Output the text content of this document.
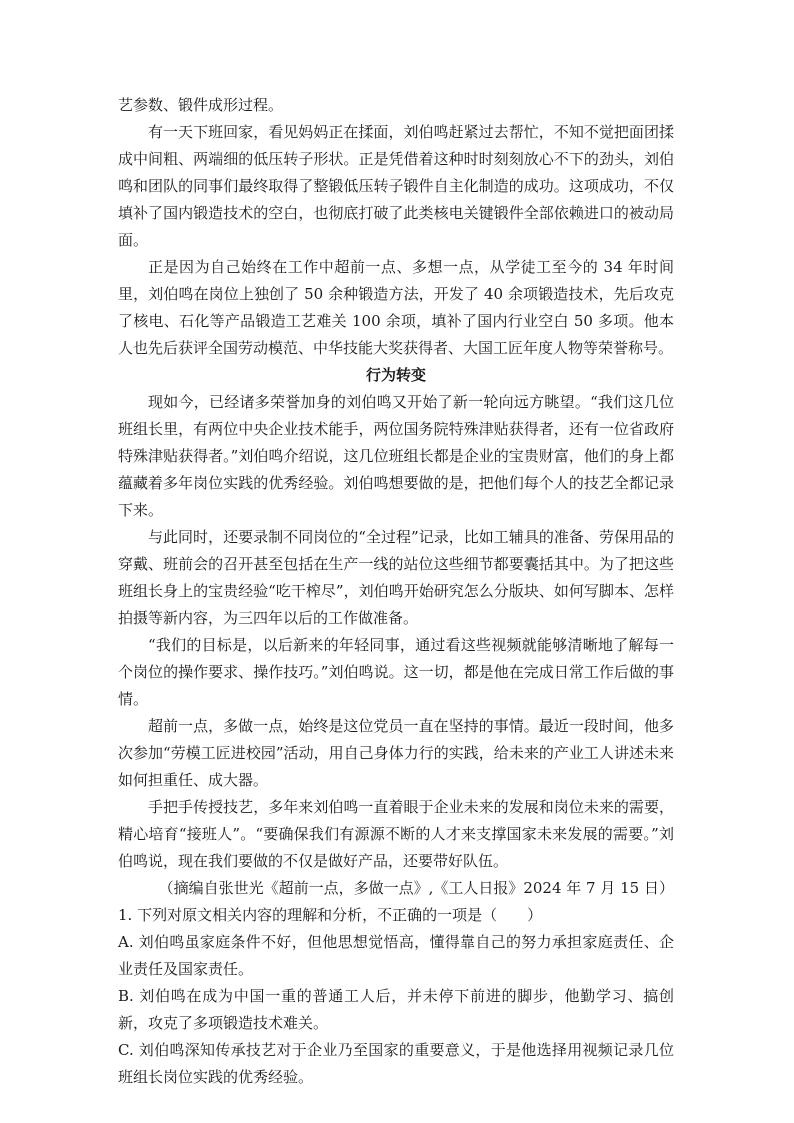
艺参数、锻件成形过程。

有一天下班回家，看见妈妈正在揉面，刘伯鸣赶紧过去帮忙，不知不觉把面团揉成中间粗、两端细的低压转子形状。正是凭借着这种时时刻刻放心不下的劲头，刘伯鸣和团队的同事们最终取得了整锻低压转子锻件自主化制造的成功。这项成功，不仅填补了国内锻造技术的空白，也彻底打破了此类核电关键锻件全部依赖进口的被动局面。

正是因为自己始终在工作中超前一点、多想一点，从学徒工至今的 34 年时间里，刘伯鸣在岗位上独创了 50 余种锻造方法，开发了 40 余项锻造技术，先后攻克了核电、石化等产品锻造工艺难关 100 余项，填补了国内行业空白 50 多项。他本人也先后获评全国劳动模范、中华技能大奖获得者、大国工匠年度人物等荣誉称号。

行为转变

现如今，已经诸多荣誉加身的刘伯鸣又开始了新一轮向远方眺望。“我们这几位班组长里，有两位中央企业技术能手，两位国务院特殊津贴获得者，还有一位省政府特殊津贴获得者。”刘伯鸣介绍说，这几位班组长都是企业的宝贵财富，他们的身上都蕴藏着多年岗位实践的优秀经验。刘伯鸣想要做的是，把他们每个人的技艺全都记录下来。

与此同时，还要录制不同岗位的“全过程”记录，比如工辅具的准备、劳保用品的穿戴、班前会的召开甚至包括在生产一线的站位这些细节都要囊括其中。为了把这些班组长身上的宝贵经验“吃干榨尽”，刘伯鸣开始研究怎么分版块、如何写脚本、怎样拍摄等新内容，为三四年以后的工作做准备。

“我们的目标是，以后新来的年轻同事，通过看这些视频就能够清晰地了解每一个岗位的操作要求、操作技巧。”刘伯鸣说。这一切，都是他在完成日常工作后做的事情。

超前一点，多做一点，始终是这位党员一直在坚持的事情。最近一段时间，他多次参加“劳模工匠进校园”活动，用自己身体力行的实践，给未来的产业工人讲述未来如何担重任、成大器。

手把手传授技艺，多年来刘伯鸣一直着眼于企业未来的发展和岗位未来的需要，精心培育“接班人”。“要确保我们有源源不断的人才来支撑国家未来发展的需要。”刘伯鸣说，现在我们要做的不仅是做好产品，还要带好队伍。

（摘编自张世光《超前一点，多做一点》,《工人日报》2024 年 7 月 15 日）

1. 下列对原文相关内容的理解和分析，不正确的一项是（　　）

A. 刘伯鸣虽家庭条件不好，但他思想觉悟高，懂得靠自己的努力承担家庭责任、企业责任及国家责任。

B. 刘伯鸣在成为中国一重的普通工人后，并未停下前进的脚步，他勤学习、搞创新，攻克了多项锻造技术难关。

C. 刘伯鸣深知传承技艺对于企业乃至国家的重要意义，于是他选择用视频记录几位班组长岗位实践的优秀经验。
